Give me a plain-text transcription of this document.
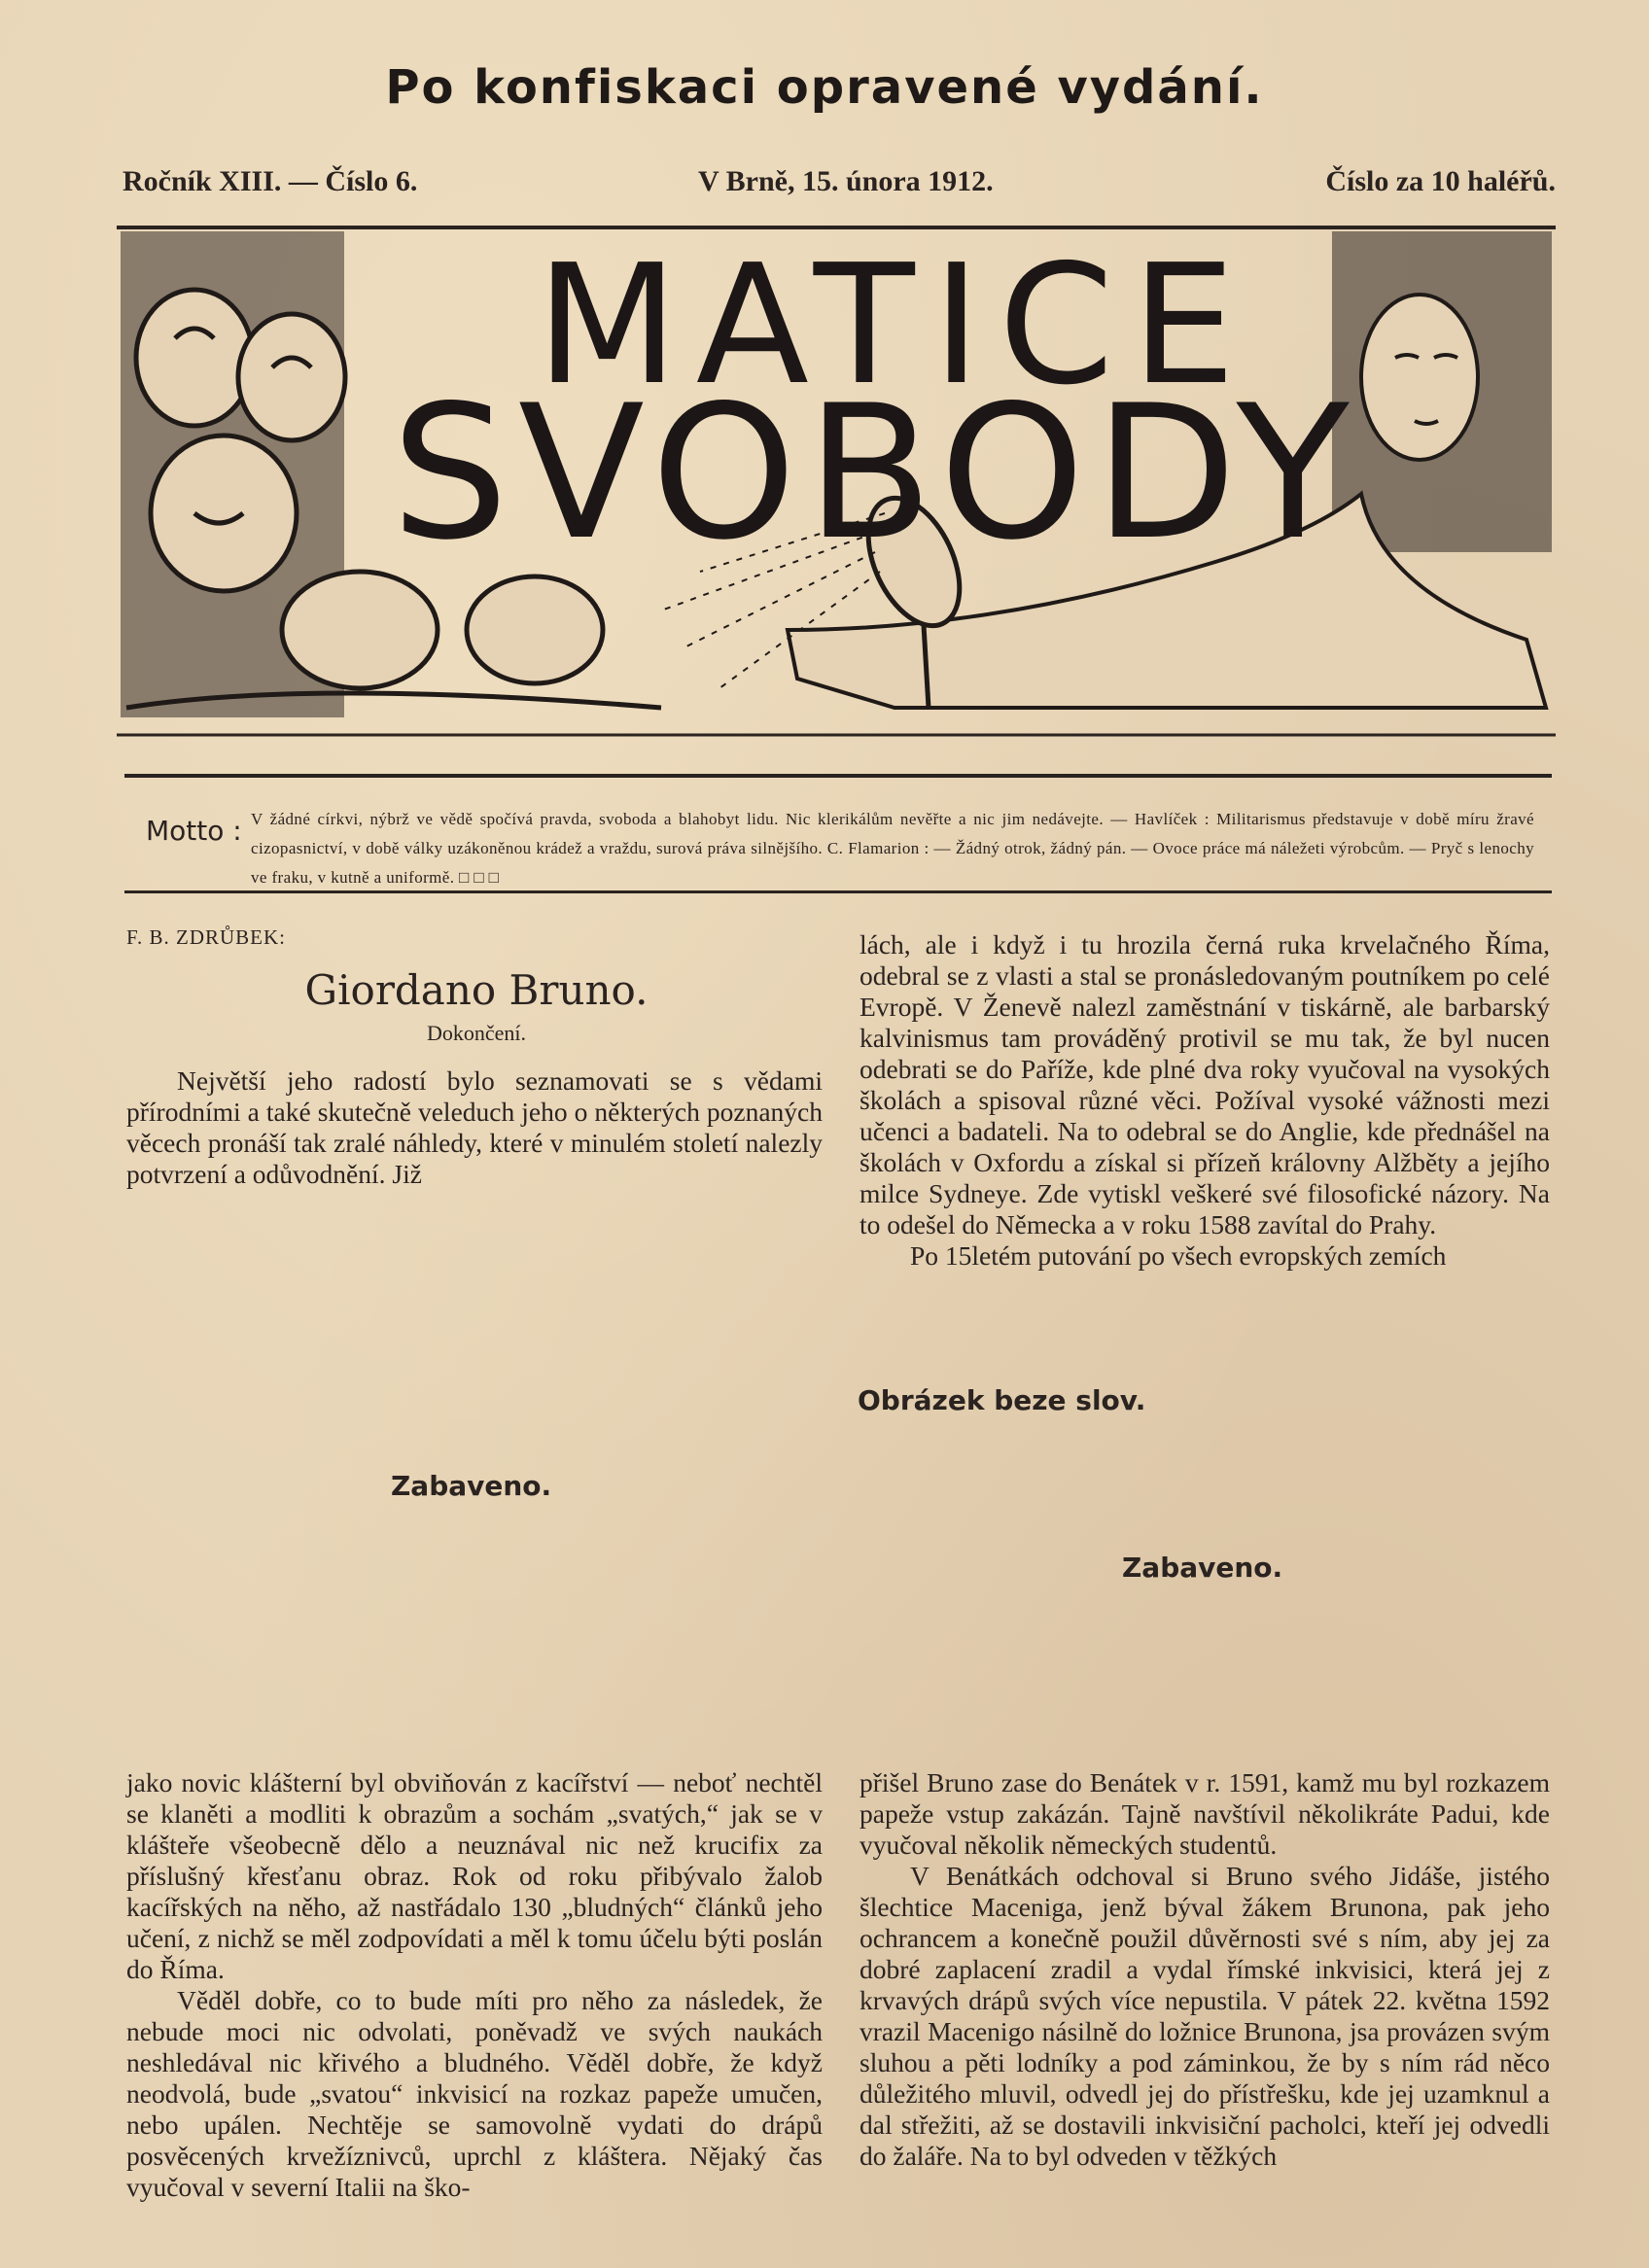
Po konfiskaci opravené vydání.
Ročník XIII. — Číslo 6.	V Brně, 15. února 1912.	Číslo za 10 haléřů.
MATICE
SVOBODY
Motto : V žádné církvi, nýbrž ve vědě spočívá pravda, svoboda a blahobyt lidu. Nic klerikálům nevěřte a nic jim nedávejte. — Havlíček : Militarismus představuje v době míru žravé cizopasnictví, v době války uzákoněnou krádež a vraždu, surová práva silnějšího. C. Flamarion : — Žádný otrok, žádný pán. — Ovoce práce má náležeti výrobcům. — Pryč s lenochy ve fraku, v kutně a uniformě. □ □ □
F. B. ZDRŮBEK:
Giordano Bruno.
Dokončení.

Největší jeho radostí bylo seznamovati se s vědami přírodními a také skutečně veleduch jeho o některých poznaných věcech pronáší tak zralé náhledy, které v minulém století nalezly potvrzení a odůvodnění. Již

lách, ale i když i tu hrozila černá ruka krvelačného Říma, odebral se z vlasti a stal se pronásledovaným poutníkem po celé Evropě. V Ženevě nalezl zaměstnání v tiskárně, ale barbarský kalvinismus tam prováděný protivil se mu tak, že byl nucen odebrati se do Paříže, kde plné dva roky vyučoval na vysokých školách a spisoval různé věci. Požíval vysoké vážnosti mezi učenci a badateli. Na to odebral se do Anglie, kde přednášel na školách v Oxfordu a získal si přízeň královny Alžběty a jejího milce Sydneye. Zde vytiskl veškeré své filosofické názory. Na to odešel do Německa a v roku 1588 zavítal do Prahy.

Po 15letém putování po všech evropských zemích

Zabaveno.
Obrázek beze slov.
Zabaveno.

jako novic klášterní byl obviňován z kacířství — neboť nechtěl se klaněti a modliti k obrazům a sochám „svatých,“ jak se v klášteře všeobecně dělo a neuznával nic než krucifix za příslušný křesťanu obraz. Rok od roku přibývalo žalob kacířských na něho, až nastřádalo 130 „bludných“ článků jeho učení, z nichž se měl zodpovídati a měl k tomu účelu býti poslán do Říma.

Věděl dobře, co to bude míti pro něho za následek, že nebude moci nic odvolati, poněvadž ve svých naukách neshledával nic křivého a bludného. Věděl dobře, že když neodvolá, bude „svatou“ inkvisicí na rozkaz papeže umučen, nebo upálen. Nechtěje se samovolně vydati do drápů posvěcených krvežíznivců, uprchl z kláštera. Nějaký čas vyučoval v severní Italii na ško-

přišel Bruno zase do Benátek v r. 1591, kamž mu byl rozkazem papeže vstup zakázán. Tajně navštívil několikráte Padui, kde vyučoval několik německých studentů.

V Benátkách odchoval si Bruno svého Jidáše, jistého šlechtice Maceniga, jenž býval žákem Brunona, pak jeho ochrancem a konečně použil důvěrnosti své s ním, aby jej za dobré zaplacení zradil a vydal římské inkvisici, která jej z krvavých drápů svých více nepustila. V pátek 22. května 1592 vrazil Macenigo násilně do ložnice Brunona, jsa provázen svým sluhou a pěti lodníky a pod záminkou, že by s ním rád něco důležitého mluvil, odvedl jej do přístřešku, kde jej uzamknul a dal střežiti, až se dostavili inkvisiční pacholci, kteří jej odvedli do žaláře. Na to byl odveden v těžkých
